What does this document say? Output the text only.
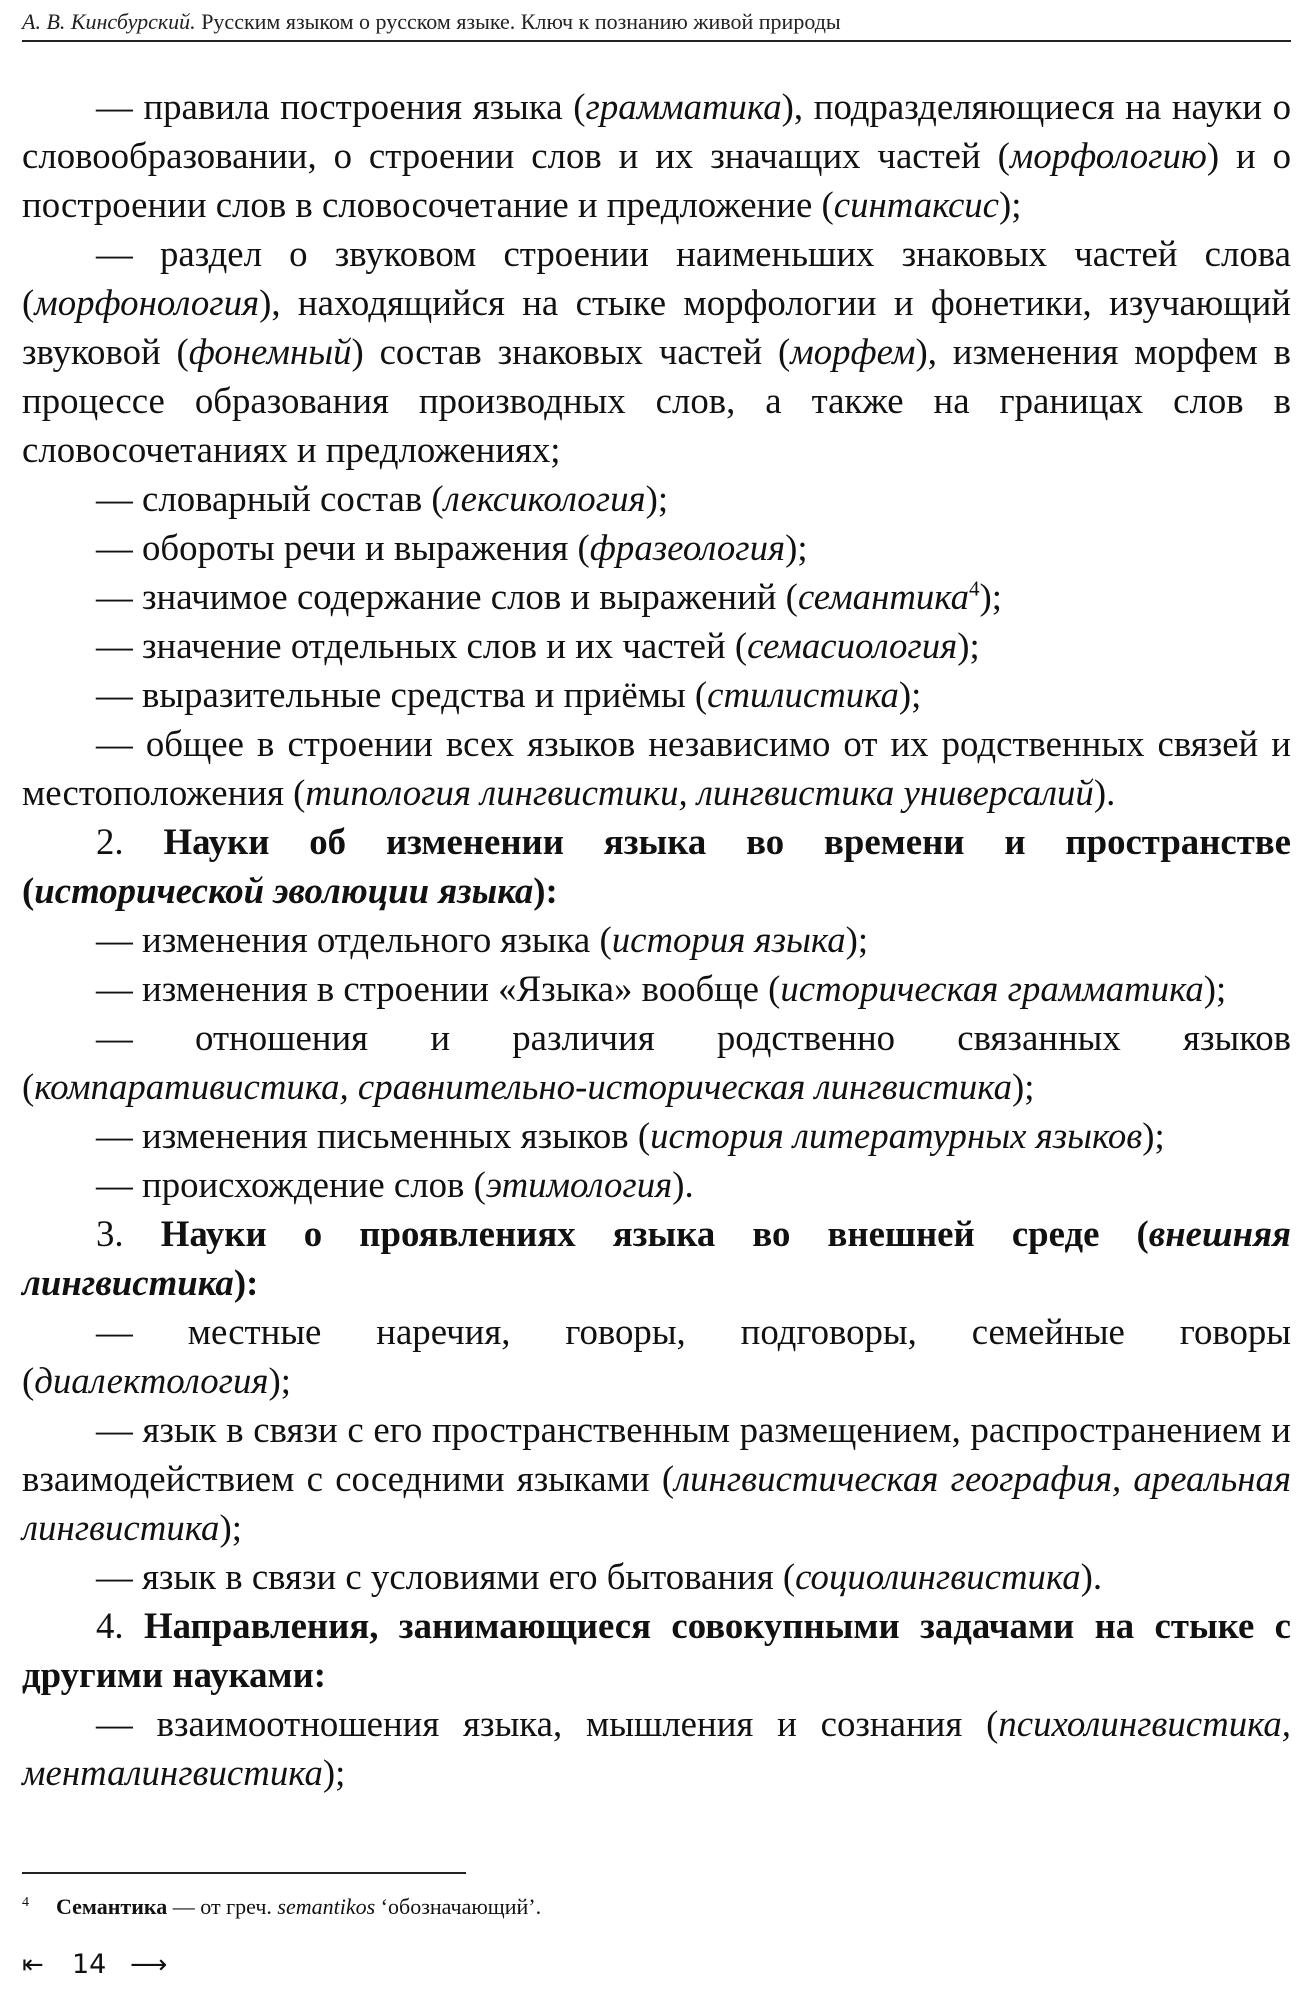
А. В. Кинсбурский. Русским языком о русском языке. Ключ к познанию живой природы

— правила построения языка (грамматика), подразделяющиеся на науки о словообразовании, о строении слов и их значащих частей (морфологию) и о построении слов в словосочетание и предложение (синтаксис);

— раздел о звуковом строении наименьших знаковых частей слова (морфонология), находящийся на стыке морфологии и фонетики, изучающий звуковой (фонемный) состав знаковых частей (морфем), изменения морфем в процессе образования производных слов, а также на границах слов в словосочетаниях и предложениях;

— словарный состав (лексикология);

— обороты речи и выражения (фразеология);

— значимое содержание слов и выражений (семантика$^4$);

— значение отдельных слов и их частей (семасиология);

— выразительные средства и приёмы (стилистика);

— общее в строении всех языков независимо от их родственных связей и местоположения (типология лингвистики, лингвистика универсалий).

2. Науки об изменении языка во времени и пространстве (исторической эволюции языка):

— изменения отдельного языка (история языка);

— изменения в строении «Языка» вообще (историческая грамматика);

— отношения и различия родственно связанных языков (компаративистика, сравнительно-историческая лингвистика);

— изменения письменных языков (история литературных языков);

— происхождение слов (этимология).

3. Науки о проявлениях языка во внешней среде (внешняя лингвистика):

— местные наречия, говоры, подговоры, семейные говоры (диалектология);

— язык в связи с его пространственным размещением, распространением и взаимодействием с соседними языками (лингвистическая география, ареальная лингвистика);

— язык в связи с условиями его бытования (социолингвистика).

4. Направления, занимающиеся совокупными задачами на стыке с другими науками:

— взаимоотношения языка, мышления и сознания (психолингвистика, менталингвистика);

4 Семантика — от греч. semantikos ‘обозначающий’.
⇤ 14 ⟶
